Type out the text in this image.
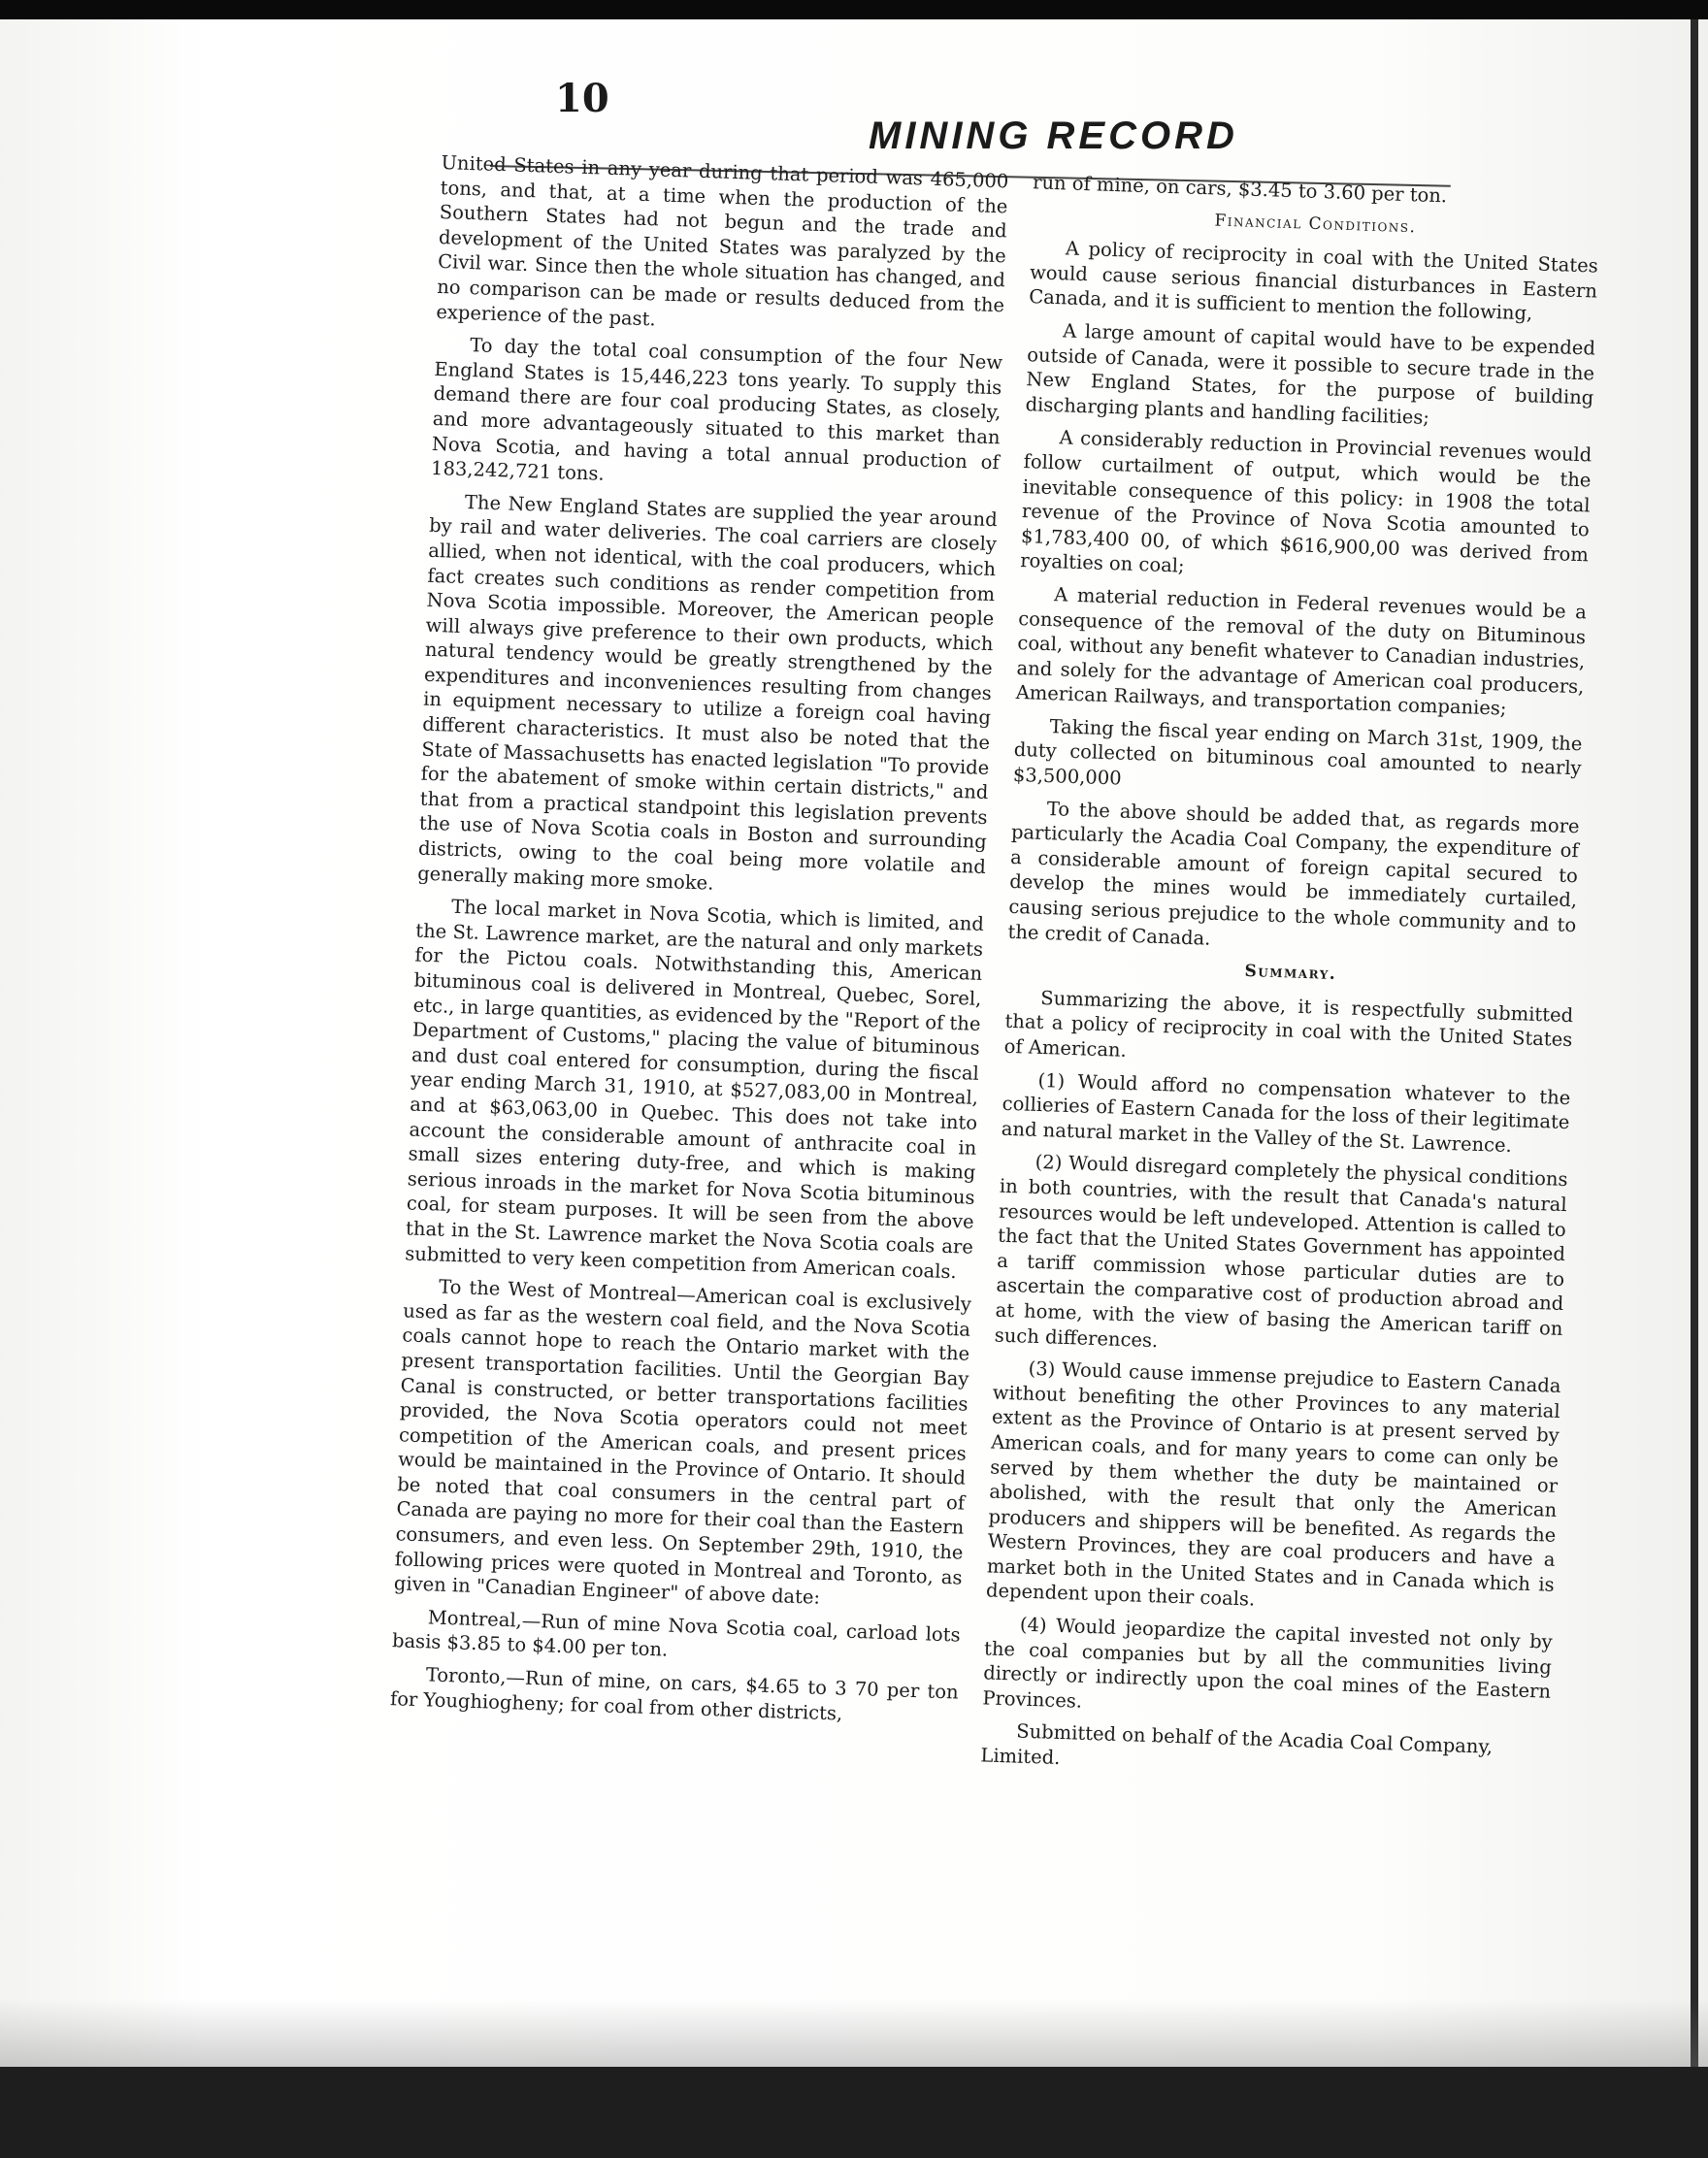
10
MINING RECORD

United States in any year during that period was 465,000 tons, and that, at a time when the production of the Southern States had not begun and the trade and development of the United States was paralyzed by the Civil war. Since then the whole situation has changed, and no comparison can be made or results deduced from the experience of the past.

To day the total coal consumption of the four New England States is 15,446,223 tons yearly. To supply this demand there are four coal producing States, as closely, and more advantageously situated to this market than Nova Scotia, and having a total annual production of 183,242,721 tons.

The New England States are supplied the year around by rail and water deliveries. The coal carriers are closely allied, when not identical, with the coal producers, which fact creates such conditions as render competition from Nova Scotia impossible. Moreover, the American people will always give preference to their own products, which natural tendency would be greatly strengthened by the expenditures and inconveniences resulting from changes in equipment necessary to utilize a foreign coal having different characteristics. It must also be noted that the State of Massachusetts has enacted legislation "To provide for the abatement of smoke within certain districts," and that from a practical standpoint this legislation prevents the use of Nova Scotia coals in Boston and surrounding districts, owing to the coal being more volatile and generally making more smoke.

The local market in Nova Scotia, which is limited, and the St. Lawrence market, are the natural and only markets for the Pictou coals. Notwithstanding this, American bituminous coal is delivered in Montreal, Quebec, Sorel, etc., in large quantities, as evidenced by the "Report of the Department of Customs," placing the value of bituminous and dust coal entered for consumption, during the fiscal year ending March 31, 1910, at $527,083,00 in Montreal, and at $63,063,00 in Quebec. This does not take into account the considerable amount of anthracite coal in small sizes entering duty-free, and which is making serious inroads in the market for Nova Scotia bituminous coal, for steam purposes. It will be seen from the above that in the St. Lawrence market the Nova Scotia coals are submitted to very keen competition from American coals.

To the West of Montreal—American coal is exclusively used as far as the western coal field, and the Nova Scotia coals cannot hope to reach the Ontario market with the present transportation facilities. Until the Georgian Bay Canal is constructed, or better transportations facilities provided, the Nova Scotia operators could not meet competition of the American coals, and present prices would be maintained in the Province of Ontario. It should be noted that coal consumers in the central part of Canada are paying no more for their coal than the Eastern consumers, and even less. On September 29th, 1910, the following prices were quoted in Montreal and Toronto, as given in "Canadian Engineer" of above date:

Montreal,—Run of mine Nova Scotia coal, carload lots basis $3.85 to $4.00 per ton.

Toronto,—Run of mine, on cars, $4.65 to 3 70 per ton for Youghiogheny; for coal from other districts,

run of mine, on cars, $3.45 to 3.60 per ton.

Financial Conditions.

A policy of reciprocity in coal with the United States would cause serious financial disturbances in Eastern Canada, and it is sufficient to mention the following,

A large amount of capital would have to be expended outside of Canada, were it possible to secure trade in the New England States, for the purpose of building discharging plants and handling facilities;

A considerably reduction in Provincial revenues would follow curtailment of output, which would be the inevitable consequence of this policy: in 1908 the total revenue of the Province of Nova Scotia amounted to $1,783,400 00, of which $616,900,00 was derived from royalties on coal;

A material reduction in Federal revenues would be a consequence of the removal of the duty on Bituminous coal, without any benefit whatever to Canadian industries, and solely for the advantage of American coal producers, American Railways, and transportation companies;

Taking the fiscal year ending on March 31st, 1909, the duty collected on bituminous coal amounted to nearly $3,500,000

To the above should be added that, as regards more particularly the Acadia Coal Company, the expenditure of a considerable amount of foreign capital secured to develop the mines would be immediately curtailed, causing serious prejudice to the whole community and to the credit of Canada.

Summary.

Summarizing the above, it is respectfully submitted that a policy of reciprocity in coal with the United States of American.

(1) Would afford no compensation whatever to the collieries of Eastern Canada for the loss of their legitimate and natural market in the Valley of the St. Lawrence.

(2) Would disregard completely the physical conditions in both countries, with the result that Canada's natural resources would be left undeveloped. Attention is called to the fact that the United States Government has appointed a tariff commission whose particular duties are to ascertain the comparative cost of production abroad and at home, with the view of basing the American tariff on such differences.

(3) Would cause immense prejudice to Eastern Canada without benefiting the other Provinces to any material extent as the Province of Ontario is at present served by American coals, and for many years to come can only be served by them whether the duty be maintained or abolished, with the result that only the American producers and shippers will be benefited. As regards the Western Provinces, they are coal producers and have a market both in the United States and in Canada which is dependent upon their coals.

(4) Would jeopardize the capital invested not only by the coal companies but by all the communities living directly or indirectly upon the coal mines of the Eastern Provinces.

Submitted on behalf of the Acadia Coal Company, Limited.
